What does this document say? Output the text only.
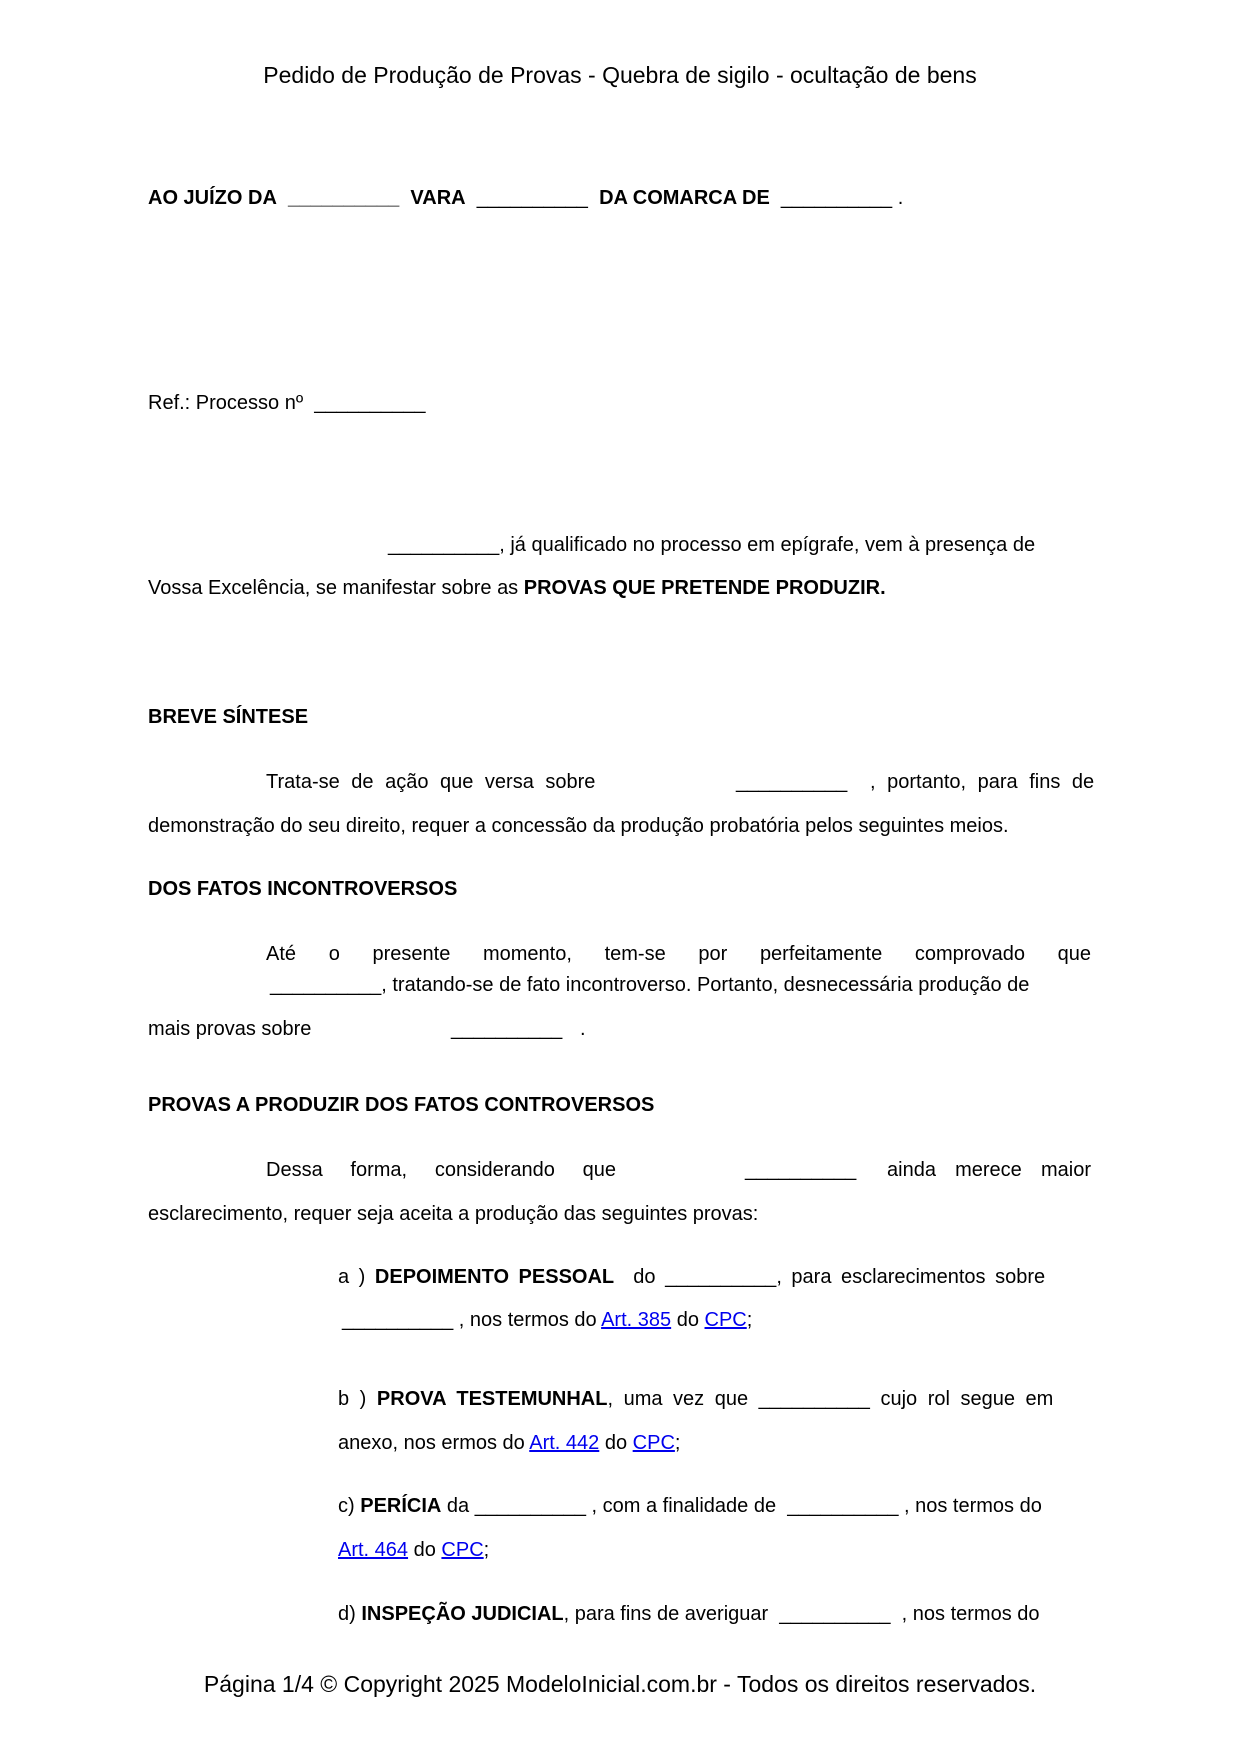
Pedido de Produção de Provas - Quebra de sigilo - ocultação de bens
AO JUÍZO DA __________ VARA __________ DA COMARCA DE __________ .
Ref.: Processo nº __________
__________, já qualificado no processo em epígrafe, vem à presença de
Vossa Excelência, se manifestar sobre as PROVAS QUE PRETENDE PRODUZIR.
BREVE SÍNTESE
Trata-se de ação que versa sobre	__________ , portanto, para fins de
demonstração do seu direito, requer a concessão da produção probatória pelos seguintes meios.
DOS FATOS INCONTROVERSOS
Até o presente momento, tem-se por perfeitamente comprovado que
__________, tratando-se de fato incontroverso. Portanto, desnecessária produção de
mais provas sobre	__________ .
PROVAS A PRODUZIR DOS FATOS CONTROVERSOS
Dessa forma, considerando que	__________ ainda merece maior
esclarecimento, requer seja aceita a produção das seguintes provas:
a ) DEPOIMENTO PESSOAL do __________, para esclarecimentos sobre
__________ , nos termos do Art. 385 do CPC;
b ) PROVA TESTEMUNHAL, uma vez que __________ cujo rol segue em
anexo, nos ermos do Art. 442 do CPC;
c) PERÍCIA da __________ , com a finalidade de __________ , nos termos do
Art. 464 do CPC;
d) INSPEÇÃO JUDICIAL, para fins de averiguar __________ , nos termos do
Página 1/4 © Copyright 2025 ModeloInicial.com.br - Todos os direitos reservados.
